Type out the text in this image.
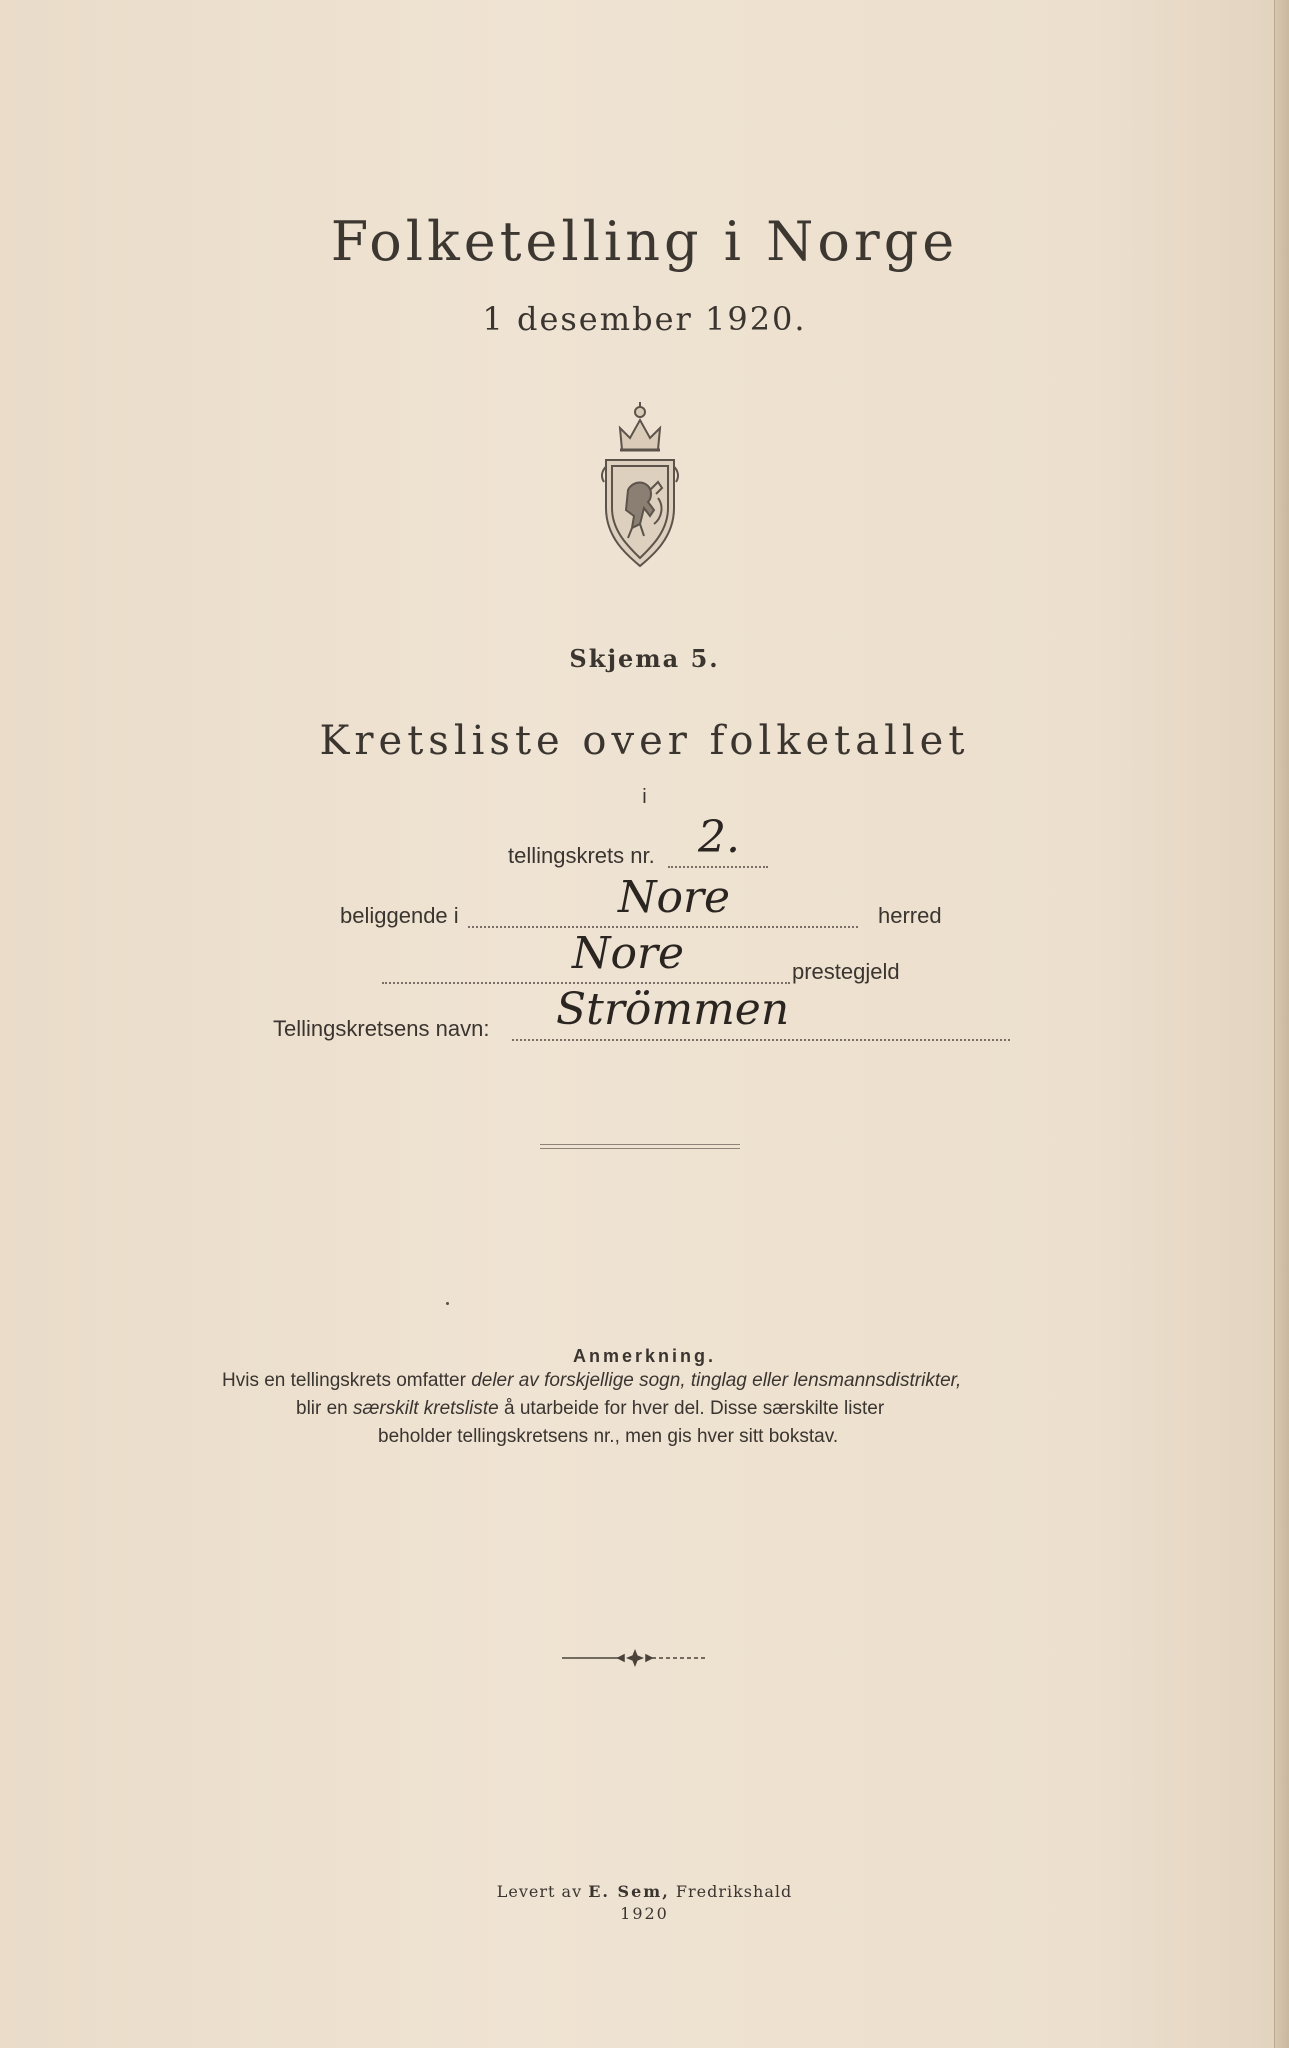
Folketelling i Norge
1 desember 1920.
Skjema 5.
Kretsliste over folketallet
i
tellingskrets nr. 2.
beliggende i	Nore	herred
Nore	prestegjeld
Tellingskretsens navn: Strömmen
Anmerkning.
Hvis en tellingskrets omfatter deler av forskjellige sogn, tinglag eller lensmannsdistrikter,
blir en særskilt kretsliste å utarbeide for hver del. Disse særskilte lister
beholder tellingskretsens nr., men gis hver sitt bokstav.
Levert av E. Sem, Fredrikshald
1920
